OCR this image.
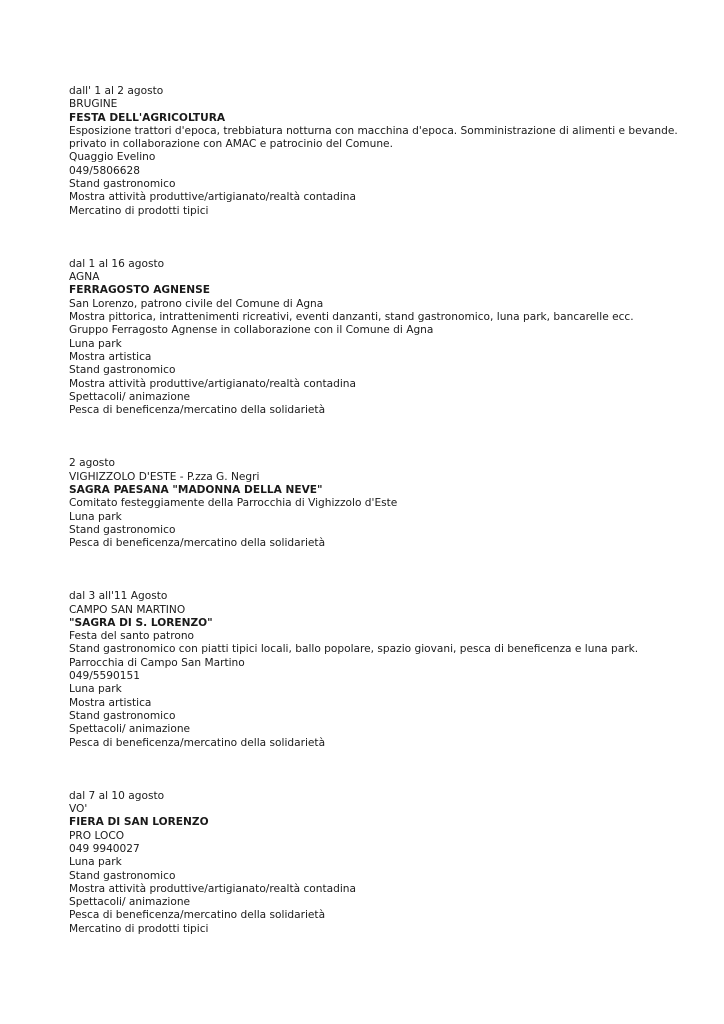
dall' 1 al 2 agosto
BRUGINE
FESTA DELL'AGRICOLTURA
Esposizione trattori d'epoca, trebbiatura notturna con macchina d'epoca. Somministrazione di alimenti e bevande.
privato in collaborazione con AMAC e patrocinio del Comune.
Quaggio Evelino
049/5806628
Stand gastronomico
Mostra attività produttive/artigianato/realtà contadina
Mercatino di prodotti tipici
dal 1 al 16 agosto
AGNA
FERRAGOSTO AGNENSE
San Lorenzo, patrono civile del Comune di Agna
Mostra pittorica, intrattenimenti ricreativi, eventi danzanti, stand gastronomico, luna park, bancarelle ecc.
Gruppo Ferragosto Agnense in collaborazione con il Comune di Agna
Luna park
Mostra artistica
Stand gastronomico
Mostra attività produttive/artigianato/realtà contadina
Spettacoli/ animazione
Pesca di beneficenza/mercatino della solidarietà
2 agosto
VIGHIZZOLO D'ESTE - P.zza G. Negri
SAGRA PAESANA "MADONNA DELLA NEVE"
Comitato festeggiamente della Parrocchia di Vighizzolo d'Este
Luna park
Stand gastronomico
Pesca di beneficenza/mercatino della solidarietà
dal 3 all'11 Agosto
CAMPO SAN MARTINO
"SAGRA DI S. LORENZO"
Festa del santo patrono
Stand gastronomico con piatti tipici locali, ballo popolare, spazio giovani, pesca di beneficenza e luna park.
Parrocchia di Campo San Martino
049/5590151
Luna park
Mostra artistica
Stand gastronomico
Spettacoli/ animazione
Pesca di beneficenza/mercatino della solidarietà
dal 7 al 10 agosto
VO'
FIERA DI SAN LORENZO
PRO LOCO
049 9940027
Luna park
Stand gastronomico
Mostra attività produttive/artigianato/realtà contadina
Spettacoli/ animazione
Pesca di beneficenza/mercatino della solidarietà
Mercatino di prodotti tipici
